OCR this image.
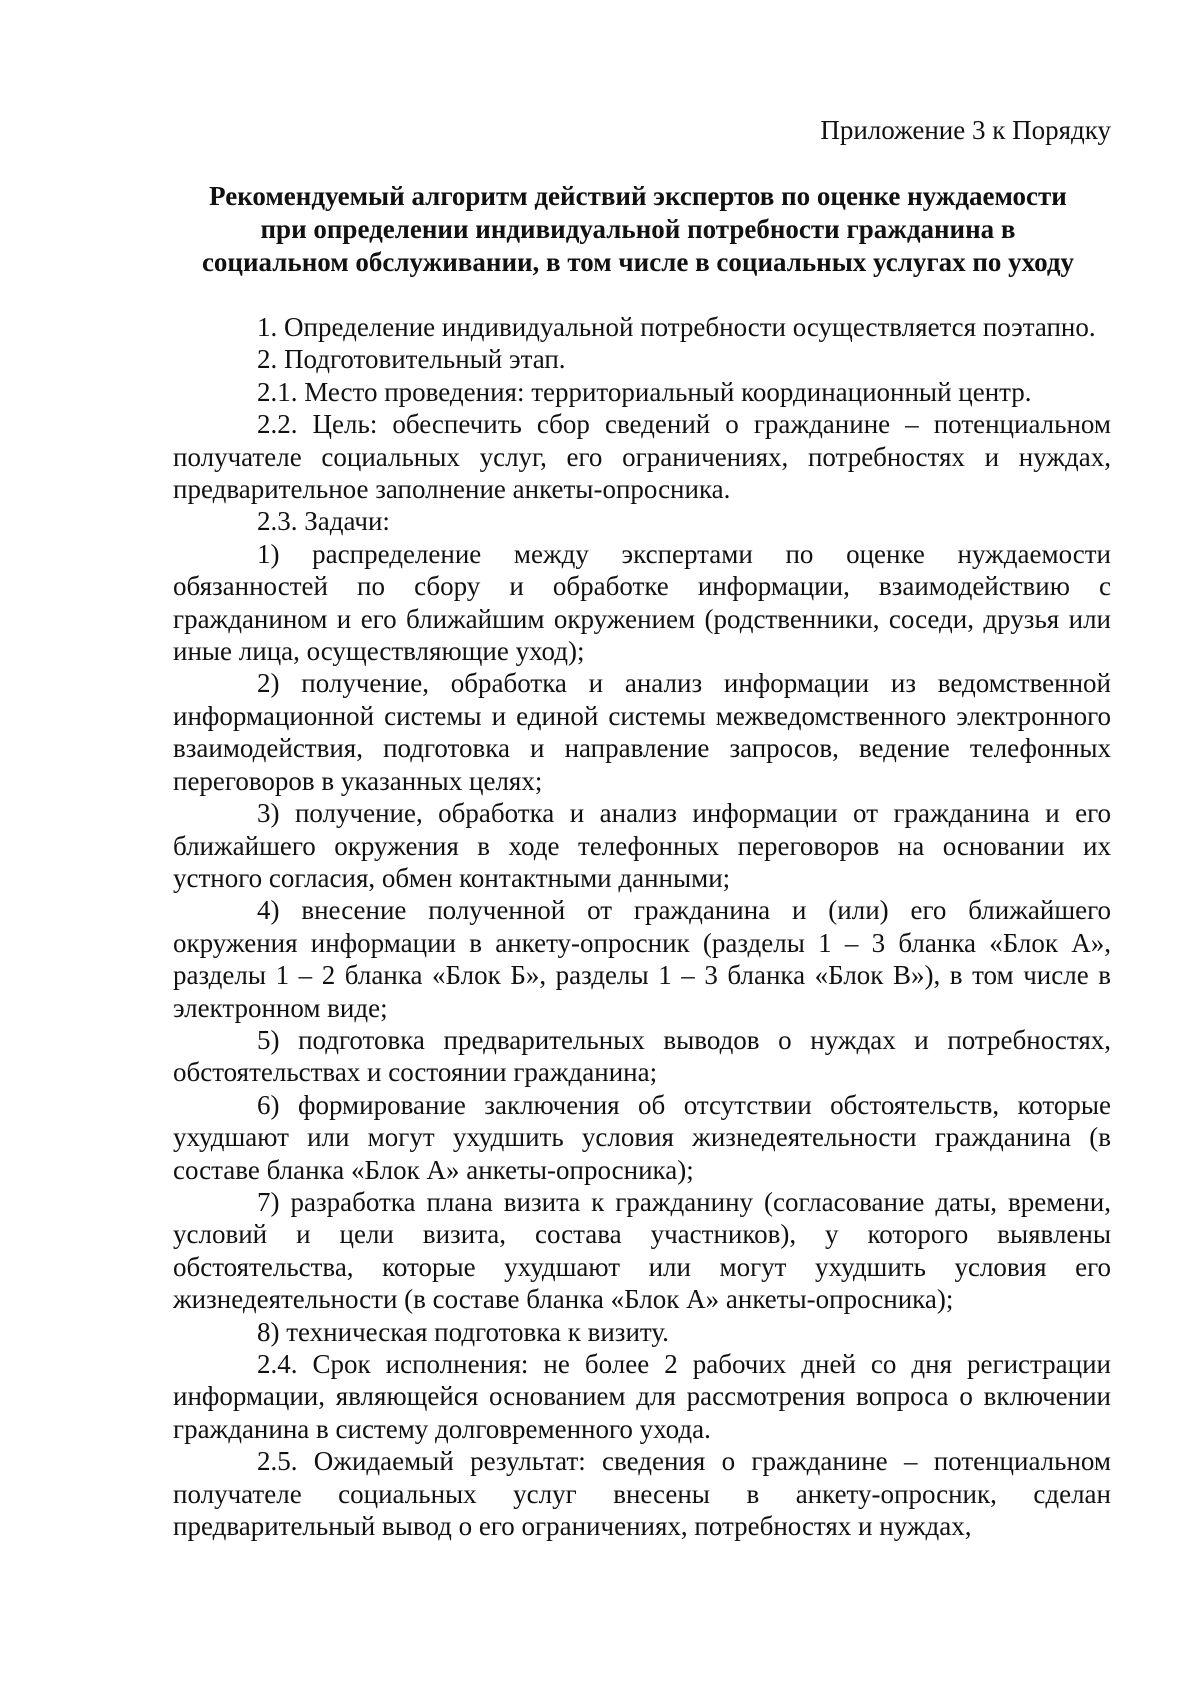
Приложение 3 к Порядку
Рекомендуемый алгоритм действий экспертов по оценке нуждаемости
при определении индивидуальной потребности гражданина в
социальном обслуживании, в том числе в социальных услугах по уходу

1. Определение индивидуальной потребности осуществляется поэтапно.

2. Подготовительный этап.

2.1. Место проведения: территориальный координационный центр.

2.2. Цель: обеспечить сбор сведений о гражданине – потенциальном получателе социальных услуг, его ограничениях, потребностях и нуждах, предварительное заполнение анкеты-опросника.

2.3. Задачи:

1) распределение между экспертами по оценке нуждаемости обязанностей по сбору и обработке информации, взаимодействию с гражданином и его ближайшим окружением (родственники, соседи, друзья или иные лица, осуществляющие уход);

2) получение, обработка и анализ информации из ведомственной информационной системы и единой системы межведомственного электронного взаимодействия, подготовка и направление запросов, ведение телефонных переговоров в указанных целях;

3) получение, обработка и анализ информации от гражданина и его ближайшего окружения в ходе телефонных переговоров на основании их устного согласия, обмен контактными данными;

4) внесение полученной от гражданина и (или) его ближайшего окружения информации в анкету-опросник (разделы 1 – 3 бланка «Блок А», разделы 1 – 2 бланка «Блок Б», разделы 1 – 3 бланка «Блок В»), в том числе в электронном виде;

5) подготовка предварительных выводов о нуждах и потребностях, обстоятельствах и состоянии гражданина;

6) формирование заключения об отсутствии обстоятельств, которые ухудшают или могут ухудшить условия жизнедеятельности гражданина (в составе бланка «Блок А» анкеты-опросника);

7) разработка плана визита к гражданину (согласование даты, времени, условий и цели визита, состава участников), у которого выявлены обстоятельства, которые ухудшают или могут ухудшить условия его жизнедеятельности (в составе бланка «Блок А» анкеты-опросника);

8) техническая подготовка к визиту.

2.4. Срок исполнения: не более 2 рабочих дней со дня регистрации информации, являющейся основанием для рассмотрения вопроса о включении гражданина в систему долговременного ухода.

2.5. Ожидаемый результат: сведения о гражданине – потенциальном получателе социальных услуг внесены в анкету-опросник, сделан предварительный вывод о его ограничениях, потребностях и нуждах,
